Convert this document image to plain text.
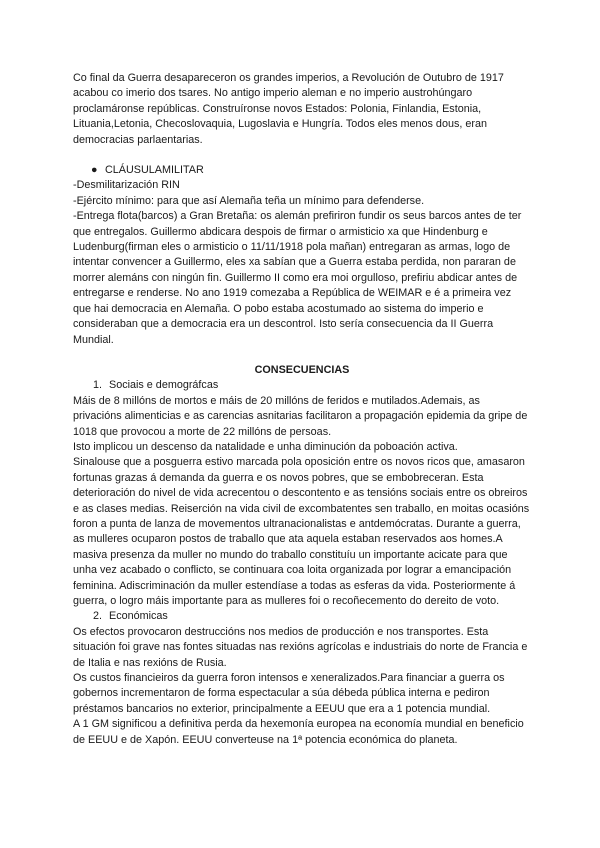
Co final da Guerra desapareceron os grandes imperios, a Revolución de Outubro de 1917 acabou co imerio dos tsares. No antigo imperio aleman e no imperio austrohúngaro proclamáronse repúblicas. Construíronse novos Estados: Polonia, Finlandia, Estonia, Lituania,Letonia, Checoslovaquia, Lugoslavia e Hungría. Todos eles menos dous, eran democracias parlaentarias.

● CLÁUSULAMILITAR

-Desmilitarización RIN

-Ejército mínimo: para que así Alemaña teña un mínimo para defenderse.

-Entrega flota(barcos) a Gran Bretaña: os alemán prefiriron fundir os seus barcos antes de ter que entregalos. Guillermo abdicara despois de firmar o armisticio xa que Hindenburg e Ludenburg(firman eles o armisticio o 11/11/1918 pola mañan) entregaran as armas, logo de intentar convencer a Guillermo, eles xa sabían que a Guerra estaba perdida, non pararan de morrer alemáns con ningún fin. Guillermo II como era moi orgulloso, prefiriu abdicar antes de entregarse e renderse. No ano 1919 comezaba a República de WEIMAR e é a primeira vez que hai democracia en Alemaña. O pobo estaba acostumado ao sistema do imperio e consideraban que a democracia era un descontrol. Isto sería consecuencia da II Guerra Mundial.

CONSECUENCIAS

1. Sociais e demográfcas

Máis de 8 millóns de mortos e máis de 20 millóns de feridos e mutilados.Ademais, as privacións alimenticias e as carencias asnitarias facilitaron a propagación epidemia da gripe de 1018 que provocou a morte de 22 millóns de persoas.

Isto implicou un descenso da natalidade e unha diminución da poboación activa.

Sinalouse que a posguerra estivo marcada pola oposición entre os novos ricos que, amasaron fortunas grazas á demanda da guerra e os novos pobres, que se embobreceran. Esta deterioración do nivel de vida acrecentou o descontento e as tensións sociais entre os obreiros e as clases medias. Reiserción na vida civil de excombatentes sen traballo, en moitas ocasións foron a punta de lanza de movementos ultranacionalistas e antdemócratas. Durante a guerra, as mulleres ocuparon postos de traballo que ata aquela estaban reservados aos homes.A masiva presenza da muller no mundo do traballo constituíu un importante acicate para que unha vez acabado o conflicto, se continuara coa loita organizada por lograr a emancipación feminina. Adiscriminación da muller estendíase a todas as esferas da vida. Posteriormente á guerra, o logro máis importante para as mulleres foi o recoñecemento do dereito de voto.

2. Económicas

Os efectos provocaron destruccións nos medios de producción e nos transportes. Esta situación foi grave nas fontes situadas nas rexións agrícolas e industriais do norte de Francia e de Italia e nas rexións de Rusia.

Os custos financieiros da guerra foron intensos e xeneralizados.Para financiar a guerra os gobernos incrementaron de forma espectacular a súa débeda pública interna e pediron préstamos bancarios no exterior, principalmente a EEUU que era a 1 potencia mundial.

A 1 GM significou a definitiva perda da hexemonía europea na economía mundial en beneficio de EEUU e de Xapón. EEUU converteuse na 1ª potencia económica do planeta.
